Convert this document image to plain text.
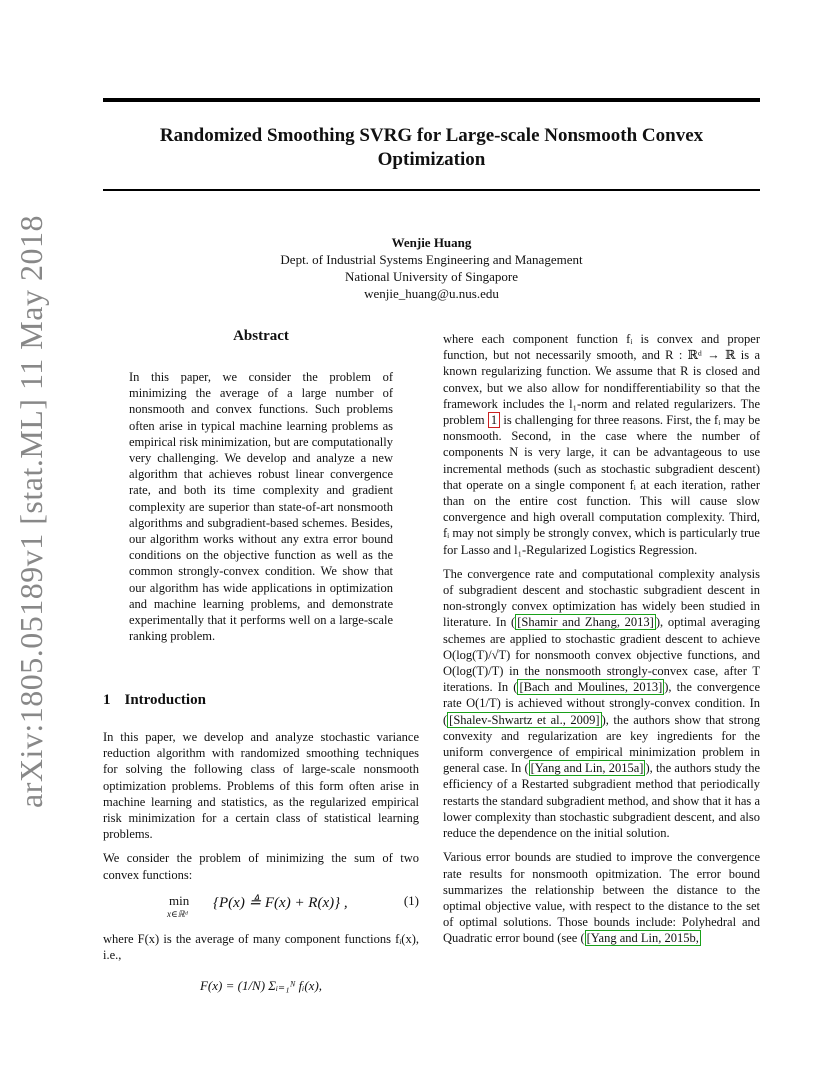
arXiv:1805.05189v1 [stat.ML] 11 May 2018
Randomized Smoothing SVRG for Large-scale Nonsmooth Convex
Optimization
Wenjie Huang
Dept. of Industrial Systems Engineering and Management
National University of Singapore
wenjie_huang@u.nus.edu
Abstract

In this paper, we consider the problem of minimizing the average of a large number of nonsmooth and convex functions. Such problems often arise in typical machine learning problems as empirical risk minimization, but are computationally very challenging. We develop and analyze a new algorithm that achieves robust linear convergence rate, and both its time complexity and gradient complexity are superior than state-of-art nonsmooth algorithms and subgradient-based schemes. Besides, our algorithm works without any extra error bound conditions on the objective function as well as the common strongly-convex condition. We show that our algorithm has wide applications in optimization and machine learning problems, and demonstrate experimentally that it performs well on a large-scale ranking problem.

1 Introduction

In this paper, we develop and analyze stochastic variance reduction algorithm with randomized smoothing techniques for solving the following class of large-scale nonsmooth optimization problems. Problems of this form often arise in machine learning and statistics, as the regularized empirical risk minimization for a certain class of statistical learning problems.

We consider the problem of minimizing the sum of two convex functions:

min
x∈ℝᵈ
{P(x) ≜ F(x) + R(x)} ,	(1)

where F(x) is the average of many component functions fᵢ(x), i.e.,

F(x) = (1/N) Σᵢ₌₁ᴺ fᵢ(x),

where each component function fᵢ is convex and proper function, but not necessarily smooth, and R : ℝᵈ → ℝ is a known regularizing function. We assume that R is closed and convex, but we also allow for nondifferentiability so that the framework includes the l₁-norm and related regularizers. The problem 1 is challenging for three reasons. First, the fᵢ may be nonsmooth. Second, in the case where the number of components N is very large, it can be advantageous to use incremental methods (such as stochastic subgradient descent) that operate on a single component fᵢ at each iteration, rather than on the entire cost function. This will cause slow convergence and high overall computation complexity. Third, fᵢ may not simply be strongly convex, which is particularly true for Lasso and l₁-Regularized Logistics Regression.

The convergence rate and computational complexity analysis of subgradient descent and stochastic subgradient descent in non-strongly convex optimization has widely been studied in literature. In ( [Shamir and Zhang, 2013] ), optimal averaging schemes are applied to stochastic gradient descent to achieve O(log(T)/√T) for nonsmooth convex objective functions, and O(log(T)/T) in the nonsmooth strongly-convex case, after T iterations. In ( [Bach and Moulines, 2013] ), the convergence rate O(1/T) is achieved without strongly-convex condition. In ( [Shalev-Shwartz et al., 2009] ), the authors show that strong convexity and regularization are key ingredients for the uniform convergence of empirical minimization problem in general case. In ( [Yang and Lin, 2015a] ), the authors study the efficiency of a Restarted subgradient method that periodically restarts the standard subgradient method, and show that it has a lower complexity than stochastic subgradient descent, and also reduce the dependence on the initial solution.

Various error bounds are studied to improve the convergence rate results for nonsmooth opitmization. The error bound summarizes the relationship between the distance to the optimal objective value, with respect to the distance to the set of optimal solutions. Those bounds include: Polyhedral and Quadratic error bound (see ( [Yang and Lin, 2015b,
